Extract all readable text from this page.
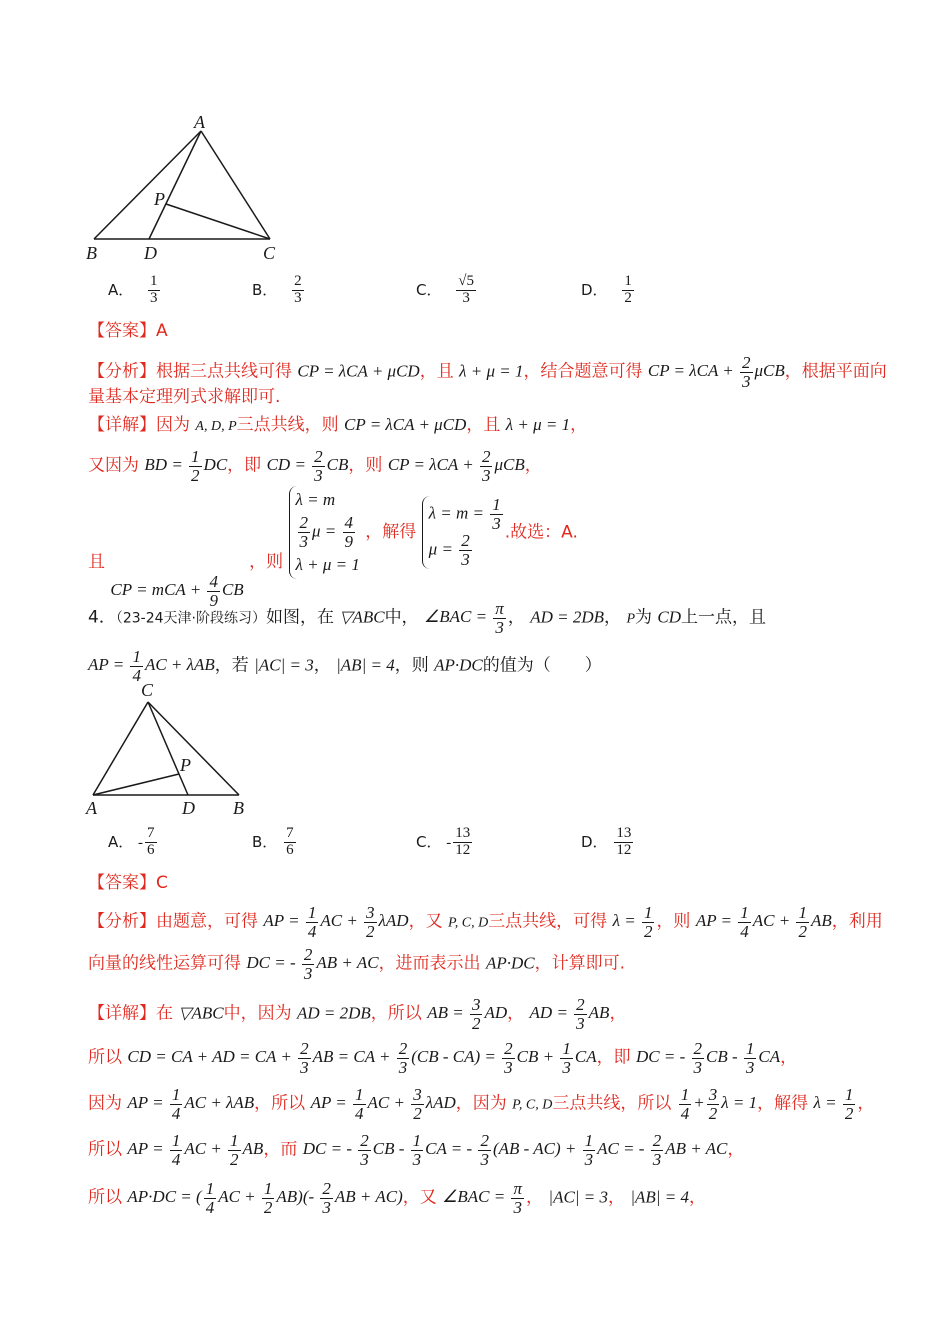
A
B	C
D
P
A． $\frac{1}{3}$	B． $\frac{2}{3}$	C． $\frac{√5}{3}$	D． $\frac{1}{2}$
【答案】A
【分析】根据三点共线可得 CP = λCA + μCD，且 λ + μ = 1，结合题意可得 CP = $\lambda CA + \frac{2}{3}$ μCB，根据平面向
量基本定理列式求解即可.
【详解】因为 A, D, P三点共线，则 CP = λCA + μCD，且 λ + μ = 1，
又因为 BD = $\frac{1}{2}$ DC，即 CD = $\frac{2}{3}$ CB，则 CP = $\lambda CA + \frac{2}{3}$ μCB，
且 CP = mCA + $\frac{4}{9}$ CB ，则
λ = m
$\frac{2}{3}$ $\mu = \frac{4}{9}$
λ + μ = 1
，解得
$\lambda = m = \frac{1}{3}$
$\mu = \frac{2}{3}$ .故选：A.
4．（23-24天津·阶段练习）如图，在 ▽ABC中， ∠BAC = $\frac{\pi}{3}$ ， AD = 2DB， P为 CD上一点，且
AP = $\frac{1}{4}$ AC + λAB，若 |AC| = 3， |AB| = 4，则 AP·DC的值为（　　）
C
A	B
D
P
A． - $\frac{7}{6}$	B． $\frac{7}{6}$	C． - $\frac{13}{12}$	D． $\frac{13}{12}$
【答案】C
【分析】由题意，可得 AP = $\frac{1}{4}$ AC + $\frac{3}{2}$ λAD，又 P, C, D三点共线，可得 $\lambda = \frac{1}{2}$ ，则 AP = $\frac{1}{4}$ AC + $\frac{1}{2}$ AB，利用
向量的线性运算可得 DC = - $\frac{2}{3}$ AB + AC，进而表示出 AP·DC，计算即可.
【详解】在 ▽ABC中，因为 AD = 2DB，所以 AB = $\frac{3}{2}$ AD， AD = $\frac{2}{3}$ AB，
所以 CD = CA + AD = CA + $\frac{2}{3}$ AB = CA + $\frac{2}{3} (CB - CA) = \frac{2}{3}$ CB + $\frac{1}{3}$ CA，即 DC = - $\frac{2}{3}$ CB - $\frac{1}{3}$ CA，
因为 AP = $\frac{1}{4}$ AC + λAB，所以 AP = $\frac{1}{4}$ AC + $\frac{3}{2}$ λAD，因为 P, C, D三点共线，所以 $\frac{1}{4} + \frac{3}{2}$ λ = 1，解得 $\lambda = \frac{1}{2}$ ，
所以 AP = $\frac{1}{4}$ AC + $\frac{1}{2}$ AB，而 DC = - $\frac{2}{3}$ CB - $\frac{1}{3}$ CA = - $\frac{2}{3} (AB - AC) + \frac{1}{3}$ AC = - $\frac{2}{3}$ AB + AC，
所以 AP·DC = ( $\frac{1}{4}$ AC + $\frac{1}{2} AB)(- \frac{2}{3}$ AB + AC)，又 ∠BAC = $\frac{\pi}{3}$ ， |AC| = 3， |AB| = 4，
